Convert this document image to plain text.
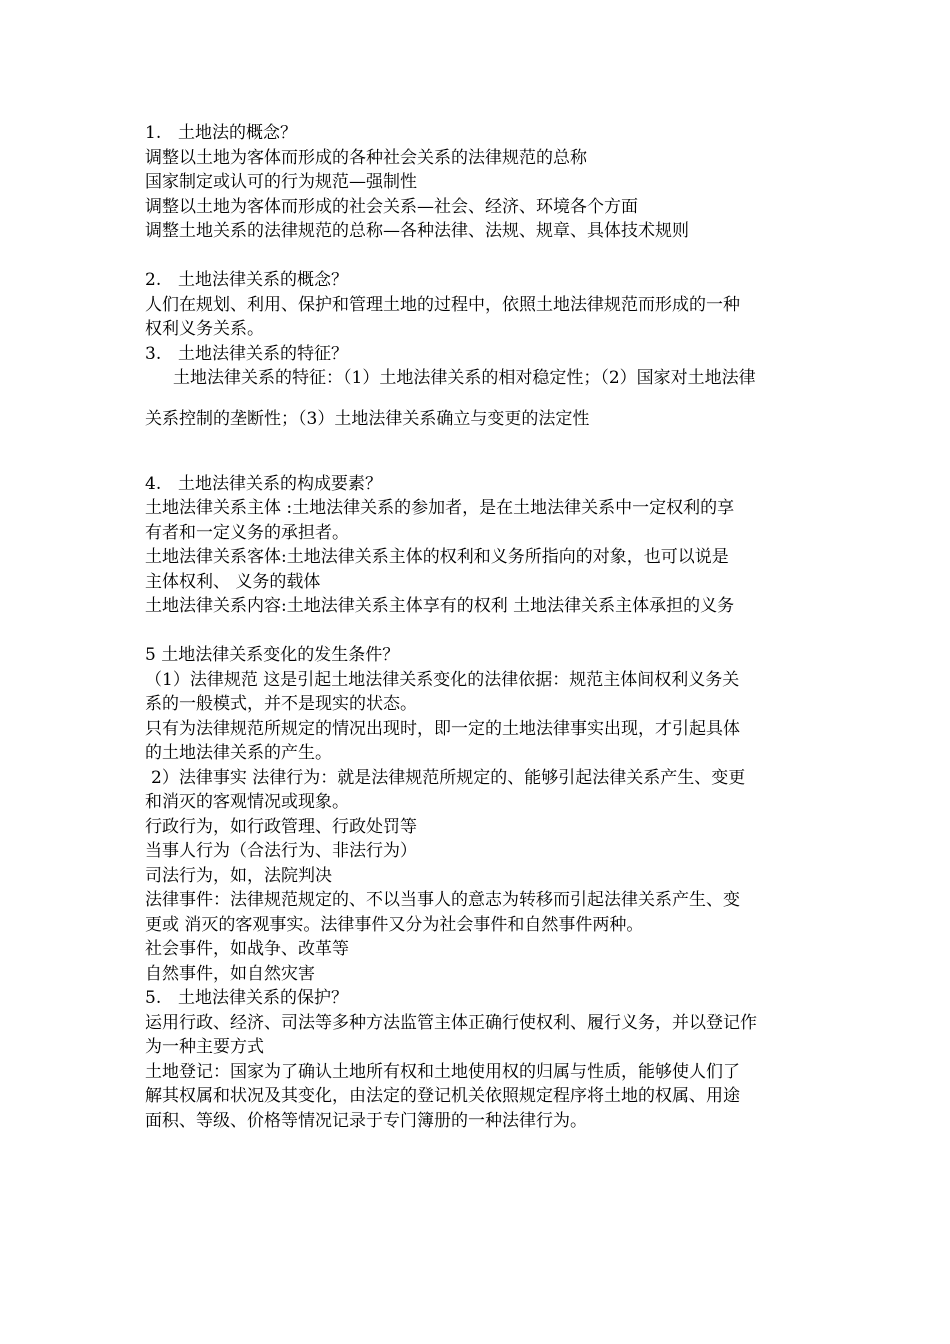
1. 土地法的概念？
调整以土地为客体而形成的各种社会关系的法律规范的总称
国家制定或认可的行为规范—强制性
调整以土地为客体而形成的社会关系—社会、经济、环境各个方面
调整土地关系的法律规范的总称—各种法律、法规、规章、具体技术规则
2. 土地法律关系的概念？
人们在规划、利用、保护和管理土地的过程中，依照土地法律规范而形成的一种
权利义务关系。
3. 土地法律关系的特征？
土地法律关系的特征：（1）土地法律关系的相对稳定性；（2）国家对土地法律
关系控制的垄断性；（3）土地法律关系确立与变更的法定性
4. 土地法律关系的构成要素？
土地法律关系主体 :土地法律关系的参加者，是在土地法律关系中一定权利的享
有者和一定义务的承担者。
土地法律关系客体:土地法律关系主体的权利和义务所指向的对象，也可以说是
主体权利、 义务的载体
土地法律关系内容:土地法律关系主体享有的权利 土地法律关系主体承担的义务
5 土地法律关系变化的发生条件？
（1）法律规范 这是引起土地法律关系变化的法律依据：规范主体间权利义务关
系的一般模式，并不是现实的状态。
只有为法律规范所规定的情况出现时，即一定的土地法律事实出现，才引起具体
的土地法律关系的产生。
2）法律事实 法律行为：就是法律规范所规定的、能够引起法律关系产生、变更
和消灭的客观情况或现象。
行政行为，如行政管理、行政处罚等
当事人行为（合法行为、非法行为）
司法行为，如，法院判决
法律事件：法律规范规定的、不以当事人的意志为转移而引起法律关系产生、变
更或 消灭的客观事实。法律事件又分为社会事件和自然事件两种。
社会事件，如战争、改革等
自然事件，如自然灾害
5. 土地法律关系的保护？
运用行政、经济、司法等多种方法监管主体正确行使权利、履行义务，并以登记作
为一种主要方式
土地登记：国家为了确认土地所有权和土地使用权的归属与性质，能够使人们了
解其权属和状况及其变化，由法定的登记机关依照规定程序将土地的权属、用途
面积、等级、价格等情况记录于专门簿册的一种法律行为。
